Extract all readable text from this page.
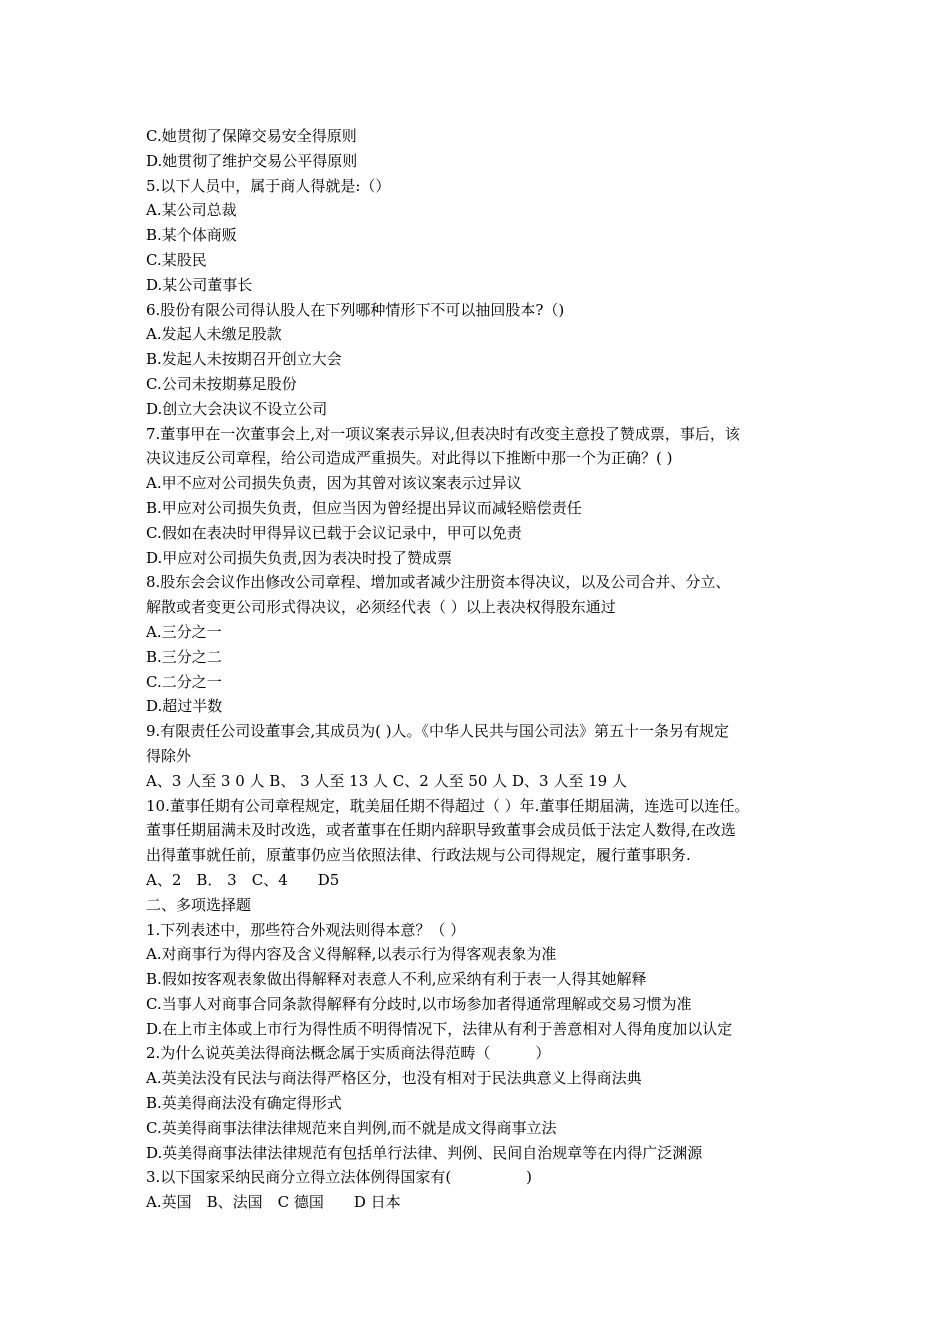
C.她贯彻了保障交易安全得原则
D.她贯彻了维护交易公平得原则
5.以下人员中，属于商人得就是:（）
A.某公司总裁
B.某个体商贩
C.某股民
D.某公司董事长
6.股份有限公司得认股人在下列哪种情形下不可以抽回股本?（)
A.发起人未缴足股款
B.发起人未按期召开创立大会
C.公司未按期募足股份
D.创立大会决议不设立公司
7.董事甲在一次董事会上,对一项议案表示异议,但表决时有改变主意投了赞成票，事后，该
决议违反公司章程，给公司造成严重损失。对此得以下推断中那一个为正确？( )
A.甲不应对公司损失负责，因为其曾对该议案表示过异议
B.甲应对公司损失负责，但应当因为曾经提出异议而减轻赔偿责任
C.假如在表决时甲得异议已载于会议记录中，甲可以免责
D.甲应对公司损失负责,因为表决时投了赞成票
8.股东会会议作出修改公司章程、增加或者减少注册资本得决议，以及公司合并、分立、
解散或者变更公司形式得决议，必须经代表（ ）以上表决权得股东通过
A.三分之一
B.三分之二
C.二分之一
D.超过半数
9.有限责任公司设董事会,其成员为( )人。《中华人民共与国公司法》第五十一条另有规定
得除外
A、3 人至 3 0 人 B、 3 人至 13 人 C、2 人至 50 人 D、3 人至 19 人
10.董事任期有公司章程规定，耽美届任期不得超过（ ）年.董事任期届满，连选可以连任。
董事任期届满未及时改选，或者董事在任期内辞职导致董事会成员低于法定人数得,在改选
出得董事就任前，原董事仍应当依照法律、行政法规与公司得规定，履行董事职务.
A、2　B． 3　C、4　　D5
二、多项选择题
1.下列表述中，那些符合外观法则得本意？（ ）
A.对商事行为得内容及含义得解释,以表示行为得客观表象为准
B.假如按客观表象做出得解释对表意人不利,应采纳有利于表一人得其她解释
C.当事人对商事合同条款得解释有分歧时,以市场参加者得通常理解或交易习惯为准
D.在上市主体或上市行为得性质不明得情况下，法律从有利于善意相对人得角度加以认定
2.为什么说英美法得商法概念属于实质商法得范畴（　　　）
A.英美法没有民法与商法得严格区分，也没有相对于民法典意义上得商法典
B.英美得商法没有确定得形式
C.英美得商事法律法律规范来自判例,而不就是成文得商事立法
D.英美得商事法律法律规范有包括单行法律、判例、民间自治规章等在内得广泛渊源
3.以下国家采纳民商分立得立法体例得国家有(　　　　　)
A.英国　B、法国　C 德国　　D 日本
